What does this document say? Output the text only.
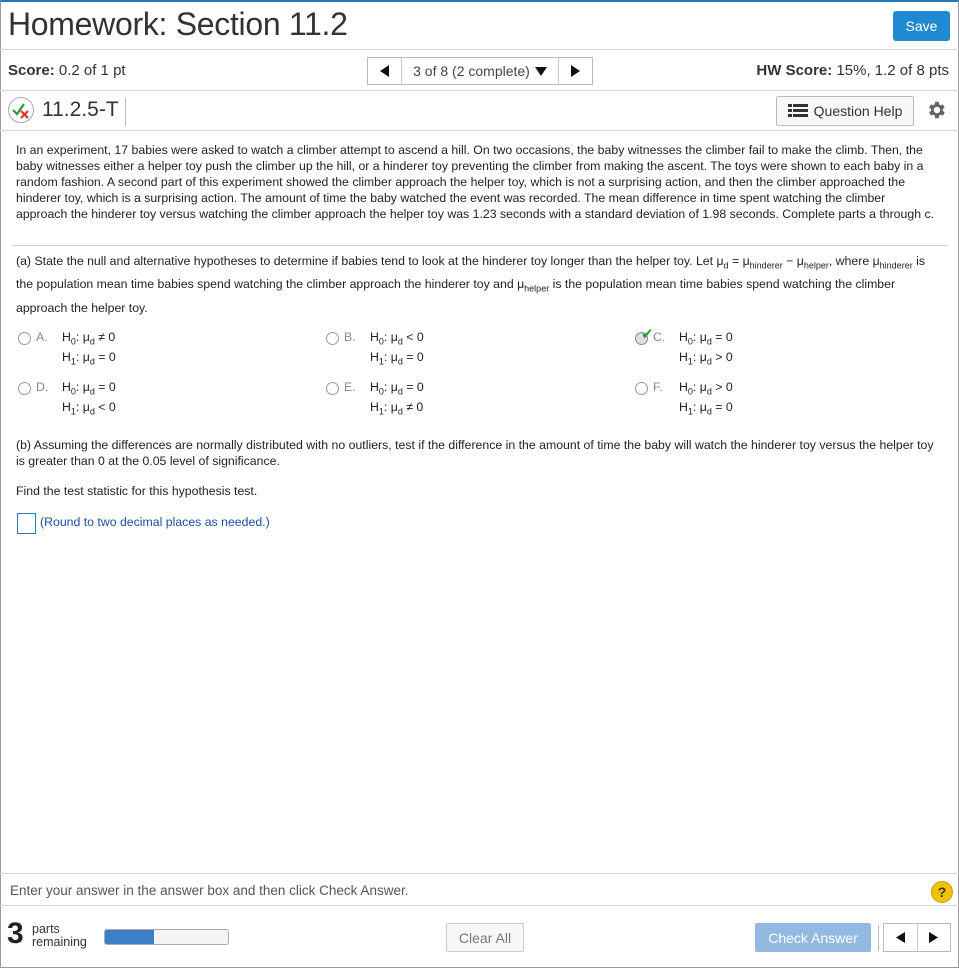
Homework: Section 11.2	Save
Score: 0.2 of 1 pt	3 of 8 (2 complete)	HW Score: 15%, 1.2 of 8 pts
11.2.5-T	Question Help

In an experiment, 17 babies were asked to watch a climber attempt to ascend a hill. On two occasions, the baby witnesses the climber fail to make the climb. Then, the baby witnesses either a helper toy push the climber up the hill, or a hinderer toy preventing the climber from making the ascent. The toys were shown to each baby in a random fashion. A second part of this experiment showed the climber approach the helper toy, which is not a surprising action, and then the climber approached the hinderer toy, which is a surprising action. The amount of time the baby watched the event was recorded. The mean difference in time spent watching the climber approach the hinderer toy versus watching the climber approach the helper toy was 1.23 seconds with a standard deviation of 1.98 seconds. Complete parts a through c.

(a) State the null and alternative hypotheses to determine if babies tend to look at the hinderer toy longer than the helper toy. Let $\mu_d = \mu_{hinderer} - \mu_{helper}$, where $\mu_{hinderer}$ is the population mean time babies spend watching the climber approach the hinderer toy and $\mu_{helper}$ is the population mean time babies spend watching the climber approach the helper toy.

A. $H_0$: $\mu_d \ne 0$
$H_1$: $\mu_d = 0$
B. $H_0$: $\mu_d < 0$
$H_1$: $\mu_d = 0$
✔ C. $H_0$: $\mu_d = 0$
$H_1$: $\mu_d > 0$
D. $H_0$: $\mu_d = 0$
$H_1$: $\mu_d < 0$
E. $H_0$: $\mu_d = 0$
$H_1$: $\mu_d \ne 0$
F. $H_0$: $\mu_d > 0$
$H_1$: $\mu_d = 0$

(b) Assuming the differences are normally distributed with no outliers, test if the difference in the amount of time the baby will watch the hinderer toy versus the helper toy is greater than 0 at the 0.05 level of significance.

Find the test statistic for this hypothesis test.

(Round to two decimal places as needed.)
Enter your answer in the answer box and then click Check Answer.	?
3 parts
remaining	Clear All	Check Answer
